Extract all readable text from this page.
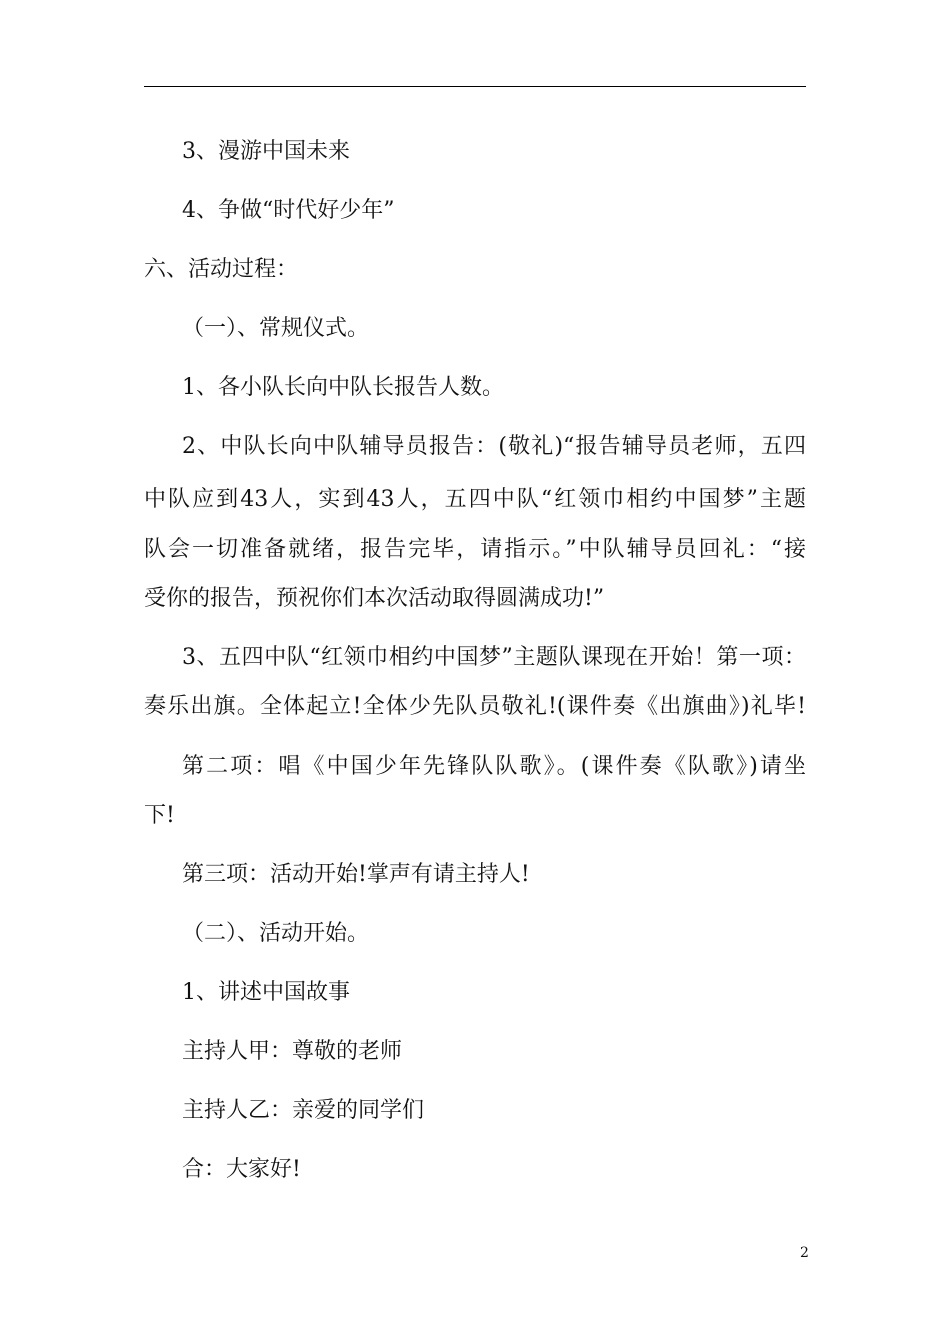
3、漫游中国未来
4、争做“时代好少年”
六、活动过程：
（一）、常规仪式。
1、各小队长向中队长报告人数。
2、中队长向中队辅导员报告：(敬礼)“报告辅导员老师，五四
中队应到43人，实到43人，五四中队“红领巾相约中国梦”主题
队会一切准备就绪，报告完毕，请指示。”中队辅导员回礼：“接
受你的报告，预祝你们本次活动取得圆满成功!”
3、五四中队“红领巾相约中国梦”主题队课现在开始！第一项：
奏乐出旗。全体起立!全体少先队员敬礼!(课件奏《出旗曲》)礼毕!
第二项：唱《中国少年先锋队队歌》。(课件奏《队歌》)请坐
下!
第三项：活动开始!掌声有请主持人!
（二）、活动开始。
1、讲述中国故事
主持人甲：尊敬的老师
主持人乙：亲爱的同学们
合：大家好!
2
